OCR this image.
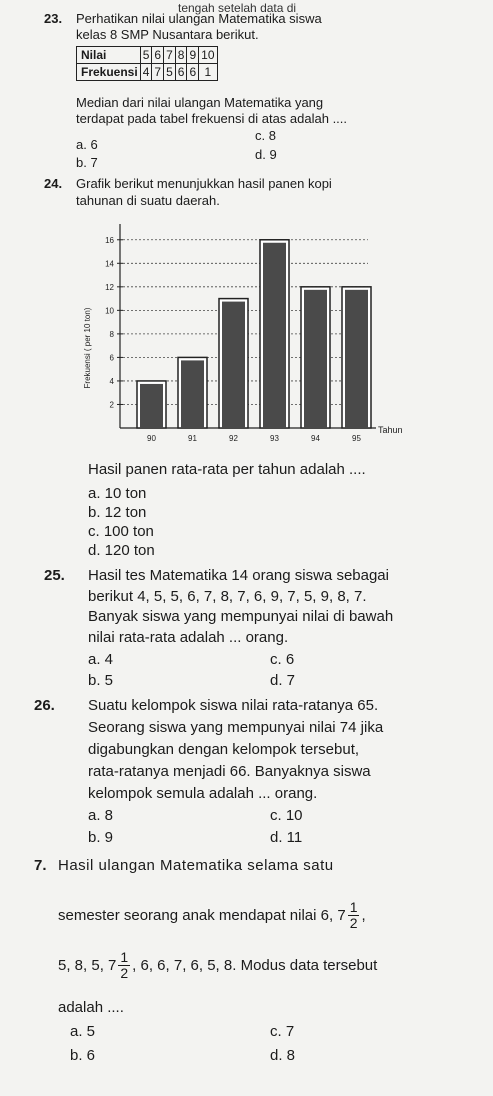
tengah setelah data di
23. Perhatikan nilai ulangan Matematika siswa
kelas 8 SMP Nusantara berikut.
Nilai	5	6	7	8	9	10
Frekuensi	4	7	5	6	6	1
Median dari nilai ulangan Matematika yang
terdapat pada tabel frekuensi di atas adalah ....
a. 6
b. 7
c. 8
d. 9
24. Grafik berikut menunjukkan hasil panen kopi
tahunan di suatu daerah.
2
4
6
8
10
12
14
16
Frekuensi ( per 10 ton)
90	91	92	93	94	95
Tahun
Hasil panen rata-rata per tahun adalah ....
a. 10 ton
b. 12 ton
c. 100 ton
d. 120 ton
25. Hasil tes Matematika 14 orang siswa sebagai
berikut 4, 5, 5, 6, 7, 8, 7, 6, 9, 7, 5, 9, 8, 7.
Banyak siswa yang mempunyai nilai di bawah
nilai rata-rata adalah ... orang.
a. 4
b. 5
c. 6
d. 7
26. Suatu kelompok siswa nilai rata-ratanya 65.
Seorang siswa yang mempunyai nilai 74 jika
digabungkan dengan kelompok tersebut,
rata-ratanya menjadi 66. Banyaknya siswa
kelompok semula adalah ... orang.
a. 8
b. 9
c. 10
d. 11
7. Hasil ulangan Matematika selama satu
semester seorang anak mendapat nilai 6, $7 \frac{1}{2}$ ,
5, 8, 5, $7 \frac{1}{2}$ , 6, 6, 7, 6, 5, 8. Modus data tersebut
adalah ....
a. 5
b. 6
c. 7
d. 8
